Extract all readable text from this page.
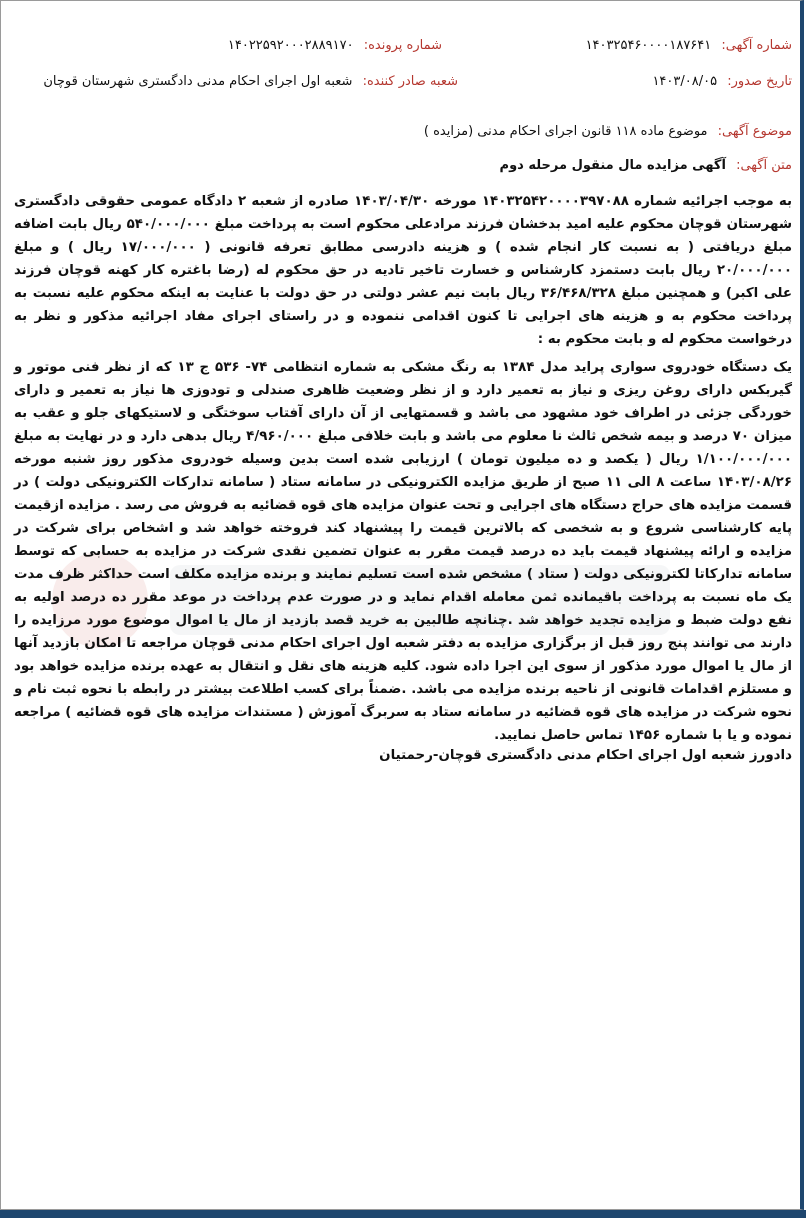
شماره آگهی: ۱۴۰۳۲۵۴۶۰۰۰۰۱۸۷۶۴۱
شماره پرونده: ۱۴۰۲۲۵۹۲۰۰۰۲۸۸۹۱۷۰
تاریخ صدور: ۱۴۰۳/۰۸/۰۵
شعبه صادر کننده: شعبه اول اجرای احکام مدنی دادگستری شهرستان قوچان
موضوع آگهی: موضوع ماده ۱۱۸ قانون اجرای احکام مدنی (مزایده )
متن آگهی: آگهی مزایده مال منقول مرحله دوم

به موجب اجرائیه شماره ۱۴۰۳۲۵۴۲۰۰۰۰۳۹۷۰۸۸ مورخه ۱۴۰۳/۰۴/۳۰ صادره از شعبه ۲ دادگاه عمومی حقوقی دادگستری شهرستان قوچان محکوم علیه امید بدخشان فرزند مرادعلی محکوم است به پرداخت مبلغ ۵۴۰/۰۰۰/۰۰۰ ریال بابت اضافه مبلغ دریافتی ( به نسبت کار انجام شده ) و هزینه دادرسی مطابق تعرفه قانونی ( ۱۷/۰۰۰/۰۰۰ ریال ) و مبلغ ۲۰/۰۰۰/۰۰۰ ریال بابت دستمزد کارشناس و خسارت تاخیر تادیه در حق محکوم له (رضا باغتره کار کهنه قوچان فرزند علی اکبر) و همچنین مبلغ ۳۶/۴۶۸/۳۲۸ ریال بابت نیم عشر دولتی در حق دولت با عنایت به اینکه محکوم علیه نسبت به پرداخت محکوم به و هزینه های اجرایی تا کنون اقدامی ننموده و در راستای اجرای مفاد اجرائیه مذکور و نظر به درخواست محکوم له و بابت محکوم به :

یک دستگاه خودروی سواری پراید مدل ۱۳۸۴ به رنگ مشکی به شماره انتظامی ۷۴- ۵۳۶ ج ۱۳ که از نظر فنی موتور و گیربکس دارای روغن ریزی و نیاز به تعمیر دارد و از نظر وضعیت ظاهری صندلی و تودوزی ها نیاز به تعمیر و دارای خوردگی جزئی در اطراف خود مشهود می باشد و قسمتهایی از آن دارای آفتاب سوختگی و لاستیکهای جلو و عقب به میزان ۷۰ درصد و بیمه شخص ثالث نا معلوم می باشد و بابت خلافی مبلغ ۴/۹۶۰/۰۰۰ ریال بدهی دارد و در نهایت به مبلغ ۱/۱۰۰/۰۰۰/۰۰۰ ریال ( یکصد و ده میلیون تومان ) ارزیابی شده است بدین وسیله خودروی مذکور روز شنبه مورخه ۱۴۰۳/۰۸/۲۶ ساعت ۸ الی ۱۱ صبح از طریق مزایده الکترونیکی در سامانه ستاد ( سامانه تدارکات الکترونیکی دولت ) در قسمت مزایده های حراج دستگاه های اجرایی و تحت عنوان مزایده های قوه قضائیه به فروش می رسد . مزایده ازقیمت پایه کارشناسی شروع و به شخصی که بالاترین قیمت را پیشنهاد کند فروخته خواهد شد و اشخاص برای شرکت در مزایده و ارائه پیشنهاد قیمت باید ده درصد قیمت مقرر به عنوان تضمین نقدی شرکت در مزایده به حسابی که توسط سامانه تدارکاتا لکترونیکی دولت ( ستاد ) مشخص شده است تسلیم نمایند و برنده مزایده مکلف است حداکثر ظرف مدت یک ماه نسبت به پرداخت باقیمانده ثمن معامله اقدام نماید و در صورت عدم پرداخت در موعد مقرر ده درصد اولیه به نفع دولت ضبط و مزایده تجدید خواهد شد .چنانچه طالبین به خرید قصد بازدید از مال یا اموال موضوع مورد مرزایده را دارند می توانند پنج روز قبل از برگزاری مزایده به دفتر شعبه اول اجرای احکام مدنی قوچان مراجعه تا امکان بازدید آنها از مال یا اموال مورد مذکور از سوی این اجرا داده شود. کلیه هزینه های نقل و انتقال به عهده برنده مزایده خواهد بود و مستلزم اقدامات قانونی از ناحیه برنده مزایده می باشد. .ضمناً برای کسب اطلاعت بیشتر در رابطه با نحوه ثبت نام و نحوه شرکت در مزایده های قوه قضائیه در سامانه ستاد به سربرگ آموزش ( مستندات مزایده های قوه قضائیه ) مراجعه نموده و یا با شماره ۱۴۵۶ تماس حاصل نمایید.

دادورز شعبه اول اجرای احکام مدنی دادگستری قوچان-رحمتیان
